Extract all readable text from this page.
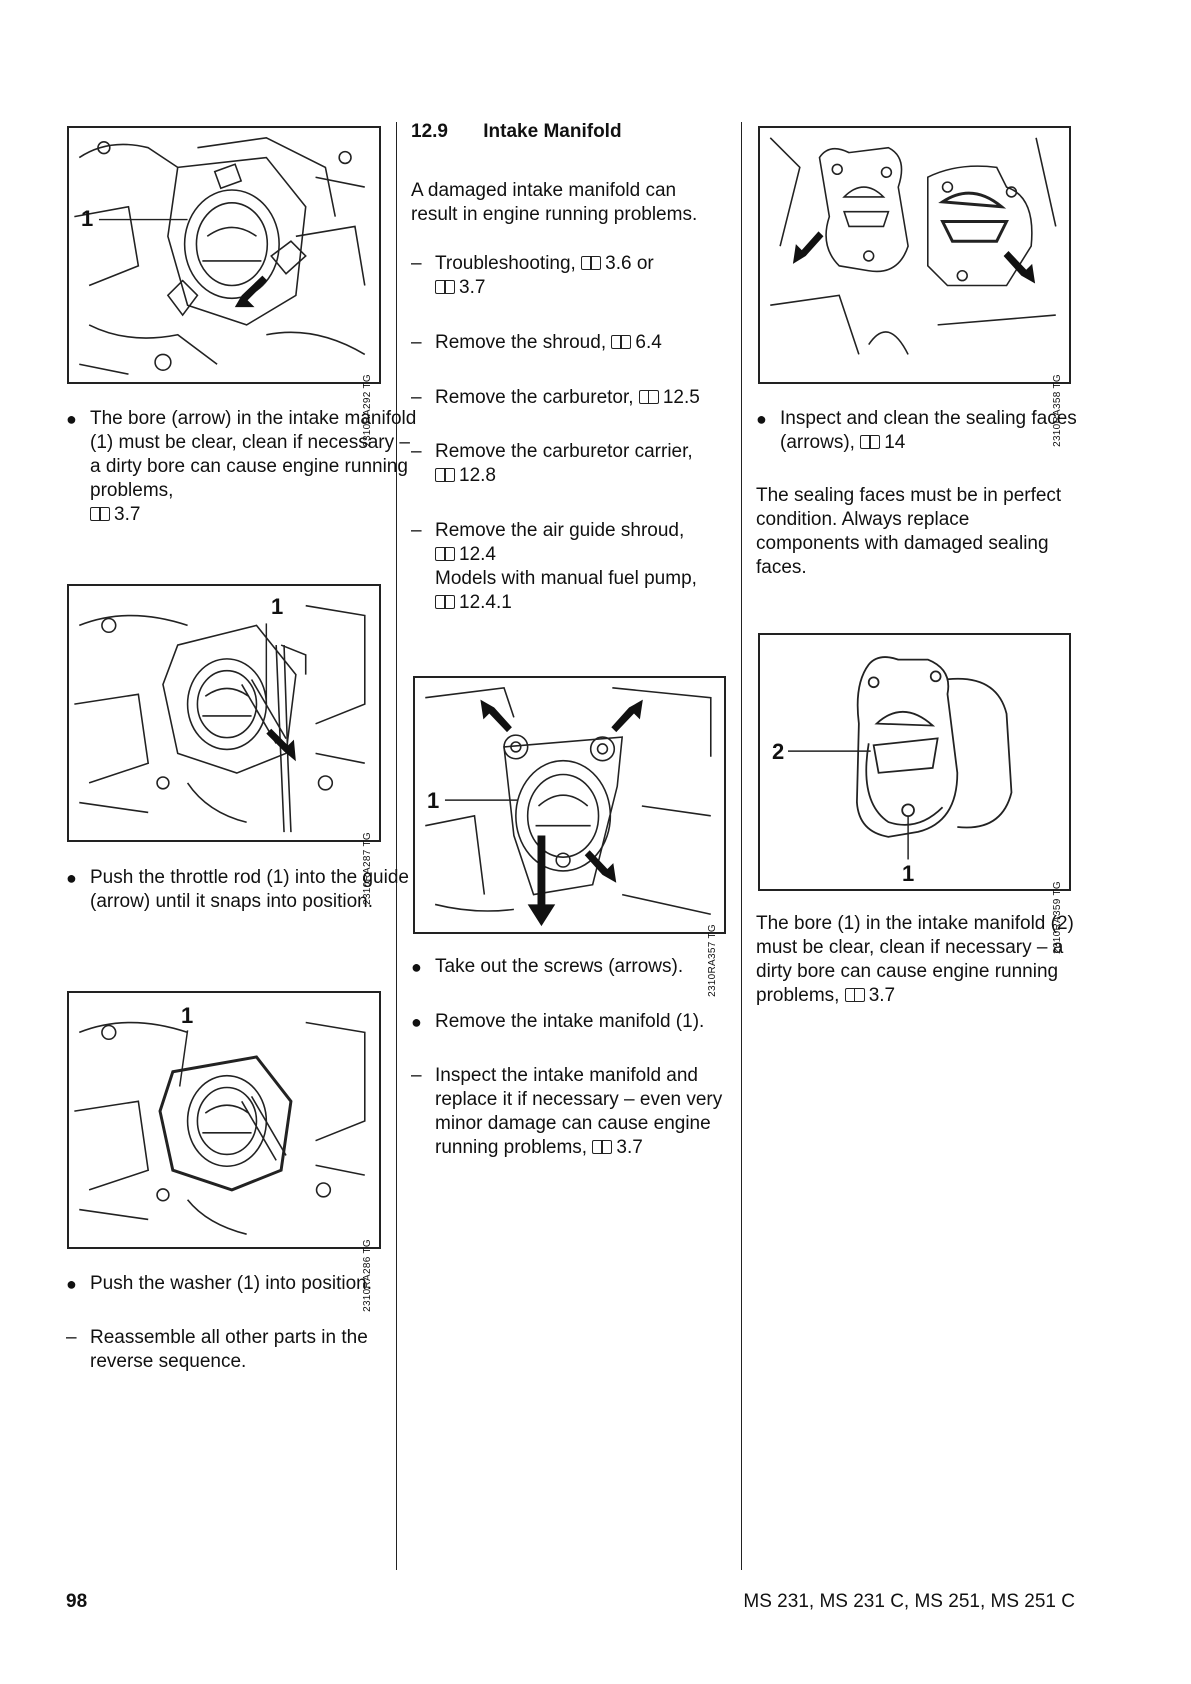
1
2310RA292 TG
● The bore (arrow) in the intake manifold (1) must be clear, clean if necessary – a dirty bore can cause engine running problems,
3.7
1
2310RA287 TG
● Push the throttle rod (1) into the guide (arrow) until it snaps into position.
1
2310RA286 TG
● Push the washer (1) into position.
– Reassemble all other parts in the reverse sequence.
12.9 Intake Manifold

A damaged intake manifold can result in engine running problems.

– Troubleshooting, 3.6 or
3.7
– Remove the shroud, 6.4
– Remove the carburetor, 12.5
– Remove the carburetor carrier,
12.8
– Remove the air guide shroud,
12.4
Models with manual fuel pump,
12.4.1
1
2310RA357 TG
● Take out the screws (arrows).
● Remove the intake manifold (1).
– Inspect the intake manifold and replace it if necessary – even very minor damage can cause engine running problems, 3.7
2310RA358 TG
● Inspect and clean the sealing faces (arrows), 14

The sealing faces must be in perfect condition. Always replace components with damaged sealing faces.

2
1
2310RA359 TG

The bore (1) in the intake manifold (2) must be clear, clean if necessary – a dirty bore can cause engine running problems, 3.7

98	MS 231, MS 231 C, MS 251, MS 251 C
